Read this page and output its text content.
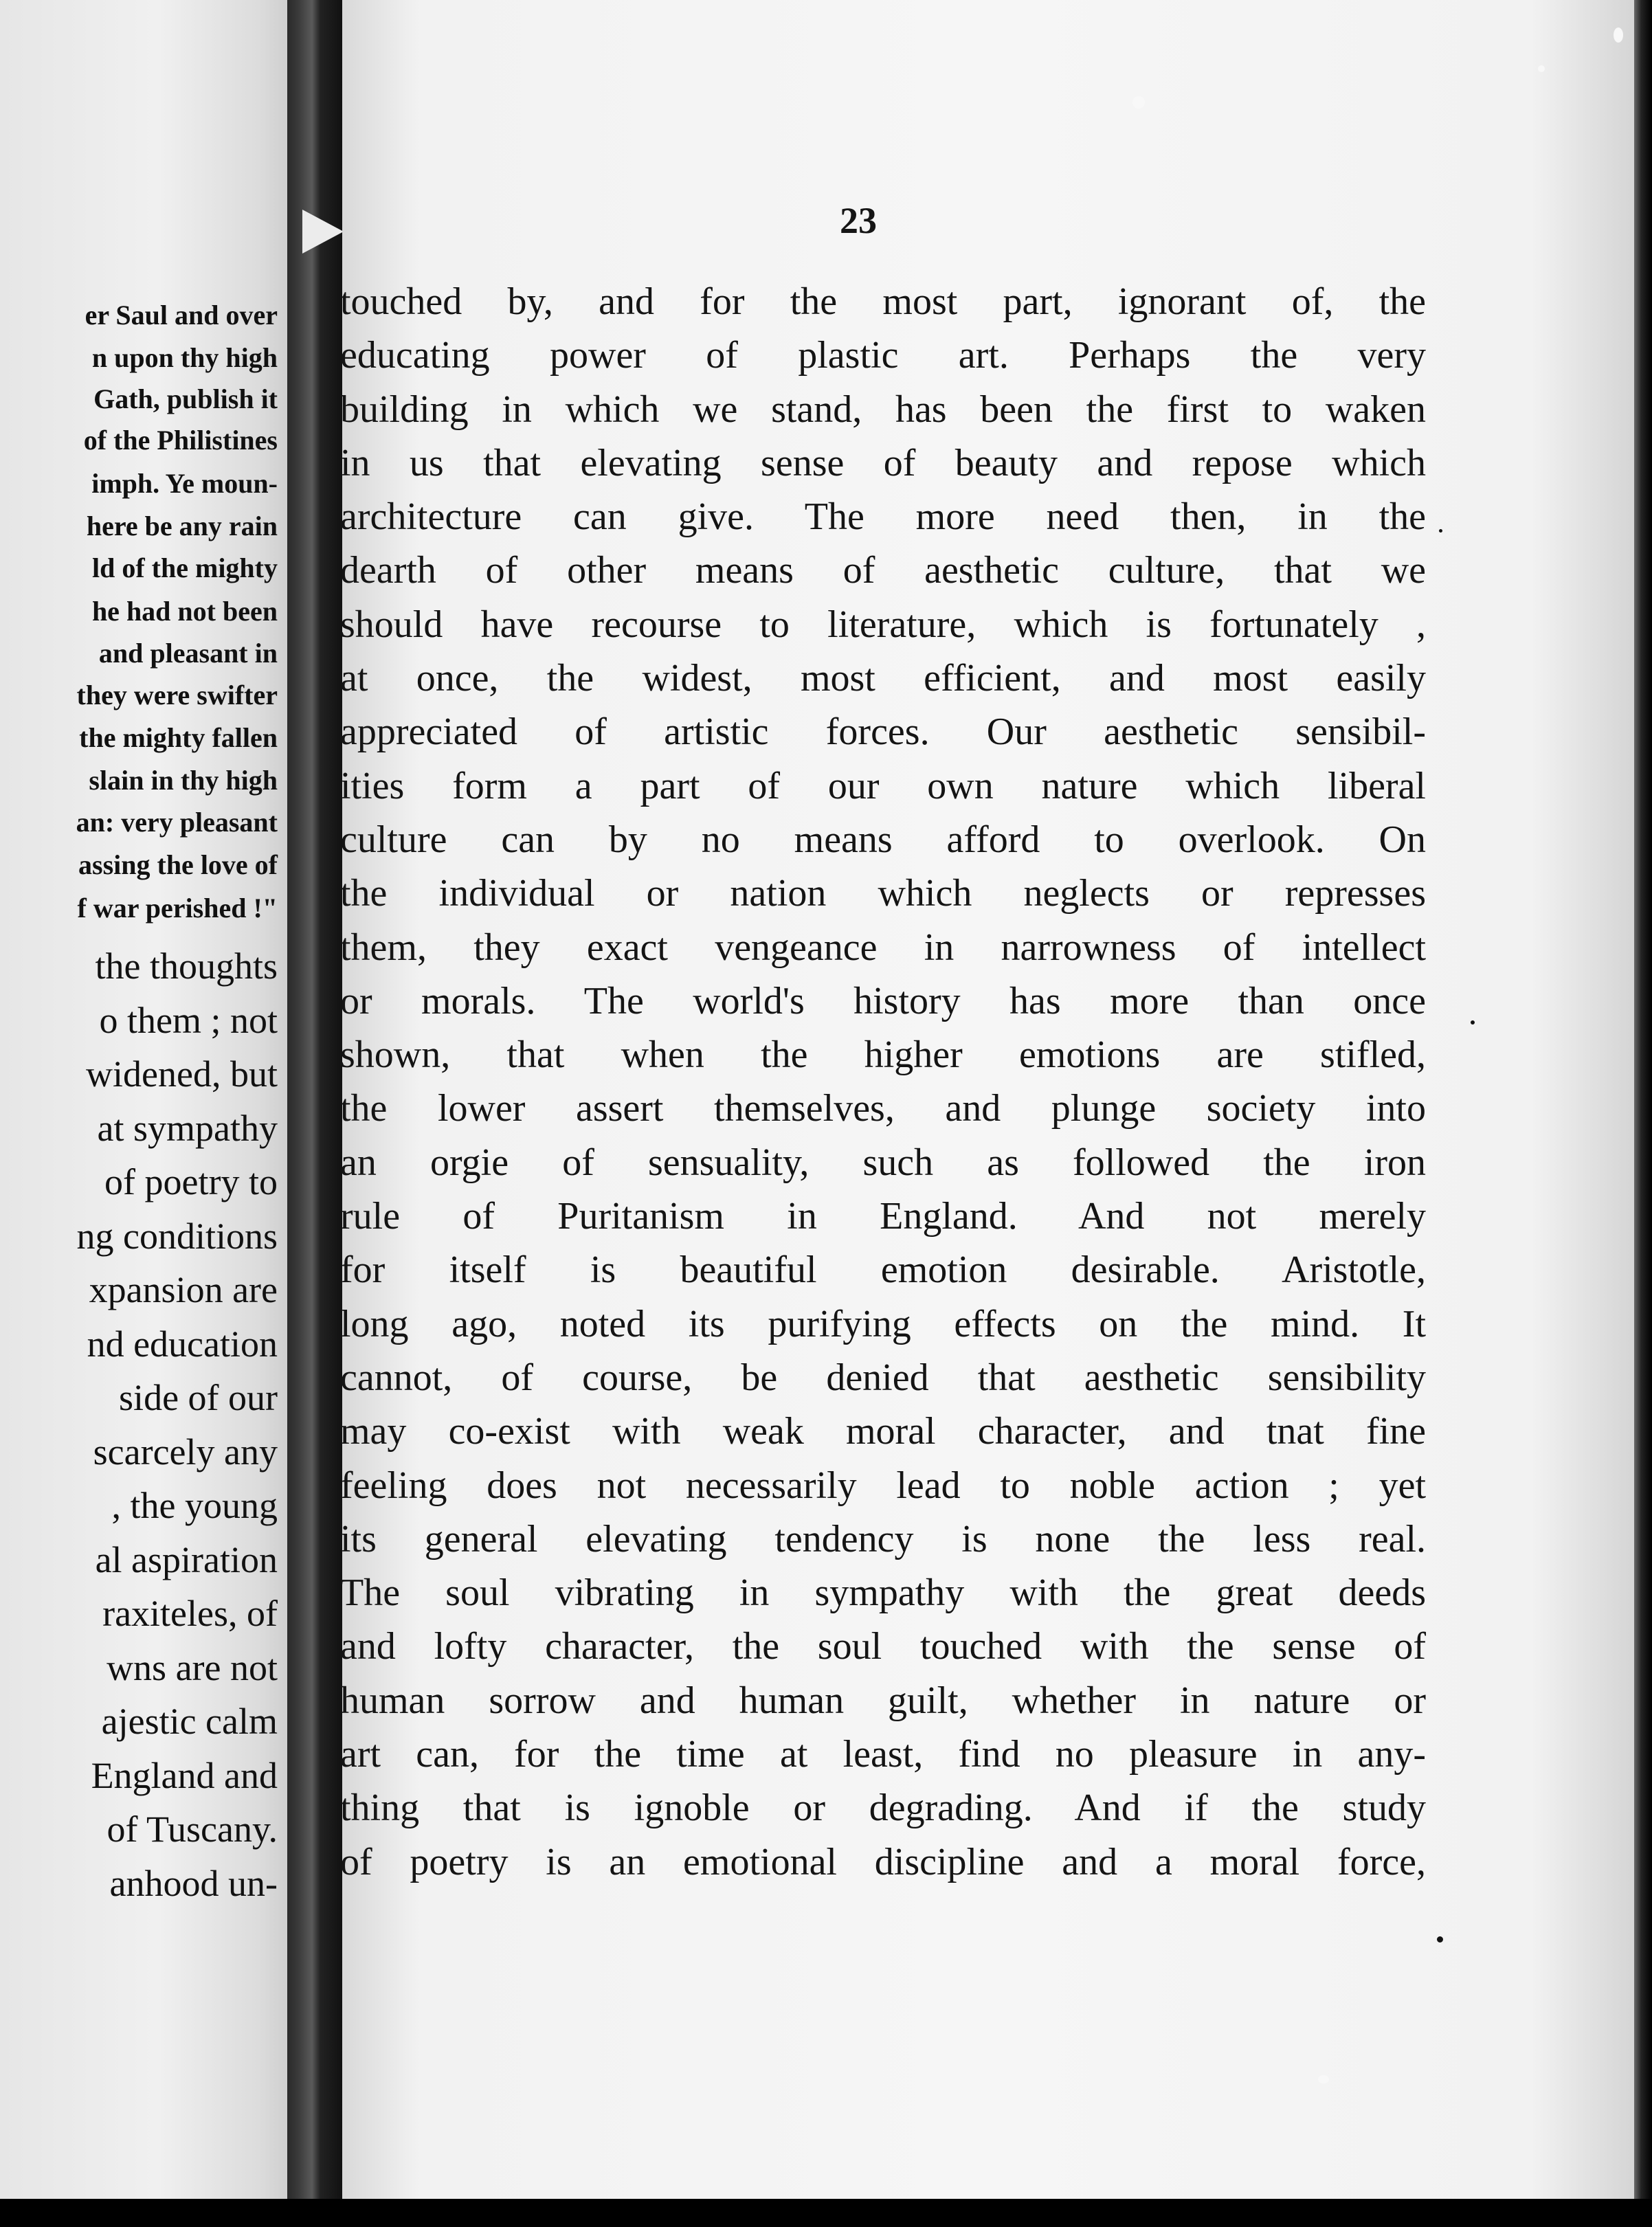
er Saul and over
n upon thy high
Gath, publish it
of the Philistines
imph. Ye moun-
here be any rain
ld of the mighty
he had not been
and pleasant in
they were swifter
the mighty fallen
slain in thy high
an: very pleasant
assing the love of
f war perished !"
the thoughts
o them ; not
widened, but
at sympathy
of poetry to
ng conditions
xpansion are
nd education
side of our
scarcely any
, the young
al aspiration
raxiteles, of
wns are not
ajestic calm
England and
of Tuscany.
anhood un-
23
touched by, and for the most part, ignorant of, the
educating power of plastic art. Perhaps the very
building in which we stand, has been the first to waken
in us that elevating sense of beauty and repose which
architecture can give. The more need then, in the
dearth of other means of aesthetic culture, that we
should have recourse to literature, which is fortunately ,
at once, the widest, most efficient, and most easily
appreciated of artistic forces. Our aesthetic sensibil-
ities form a part of our own nature which liberal
culture can by no means afford to overlook. On
the individual or nation which neglects or represses
them, they exact vengeance in narrowness of intellect
or morals. The world's history has more than once
shown, that when the higher emotions are stifled,
the lower assert themselves, and plunge society into
an orgie of sensuality, such as followed the iron
rule of Puritanism in England. And not merely
for itself is beautiful emotion desirable. Aristotle,
long ago, noted its purifying effects on the mind. It
cannot, of course, be denied that aesthetic sensibility
may co-exist with weak moral character, and tnat fine
feeling does not necessarily lead to noble action ; yet
its general elevating tendency is none the less real.
The soul vibrating in sympathy with the great deeds
and lofty character, the soul touched with the sense of
human sorrow and human guilt, whether in nature or
art can, for the time at least, find no pleasure in any-
thing that is ignoble or degrading. And if the study
of poetry is an emotional discipline and a moral force,
